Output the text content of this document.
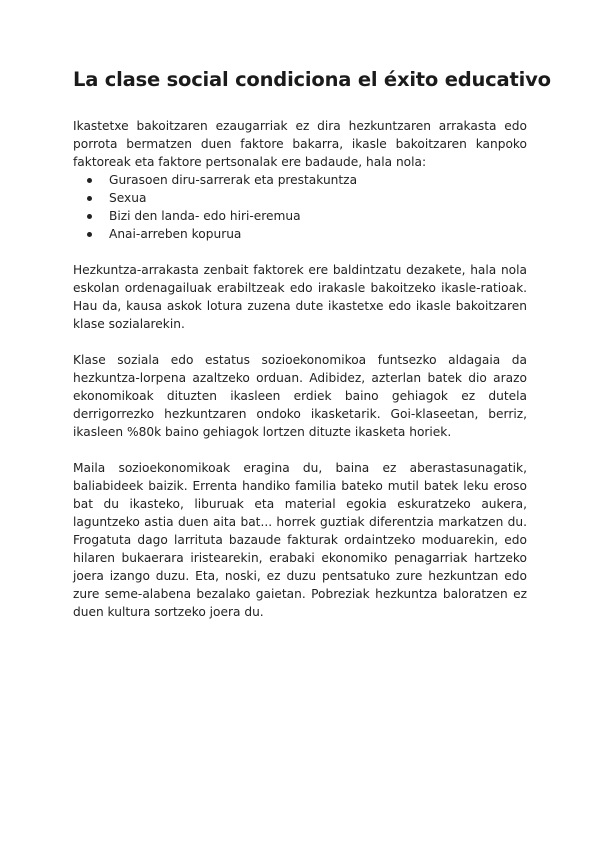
La clase social condiciona el éxito educativo

Ikastetxe bakoitzaren ezaugarriak ez dira hezkuntzaren arrakasta edo porrota bermatzen duen faktore bakarra, ikasle bakoitzaren kanpoko faktoreak eta faktore pertsonalak ere badaude, hala nola:

Gurasoen diru-sarrerak eta prestakuntza
Sexua
Bizi den landa- edo hiri-eremua
Anai-arreben kopurua

Hezkuntza-arrakasta zenbait faktorek ere baldintzatu dezakete, hala nola eskolan ordenagailuak erabiltzeak edo irakasle bakoitzeko ikasle-ratioak. Hau da, kausa askok lotura zuzena dute ikastetxe edo ikasle bakoitzaren klase sozialarekin.

Klase soziala edo estatus sozioekonomikoa funtsezko aldagaia da hezkuntza-lorpena azaltzeko orduan. Adibidez, azterlan batek dio arazo ekonomikoak dituzten ikasleen erdiek baino gehiagok ez dutela derrigorrezko hezkuntzaren ondoko ikasketarik. Goi-klaseetan, berriz, ikasleen %80k baino gehiagok lortzen dituzte ikasketa horiek.

Maila sozioekonomikoak eragina du, baina ez aberastasunagatik, baliabideek baizik. Errenta handiko familia bateko mutil batek leku eroso bat du ikasteko, liburuak eta material egokia eskuratzeko aukera, laguntzeko astia duen aita bat... horrek guztiak diferentzia markatzen du. Frogatuta dago larrituta bazaude fakturak ordaintzeko moduarekin, edo hilaren bukaerara iristearekin, erabaki ekonomiko penagarriak hartzeko joera izango duzu. Eta, noski, ez duzu pentsatuko zure hezkuntzan edo zure seme-alabena bezalako gaietan. Pobreziak hezkuntza baloratzen ez duen kultura sortzeko joera du.
